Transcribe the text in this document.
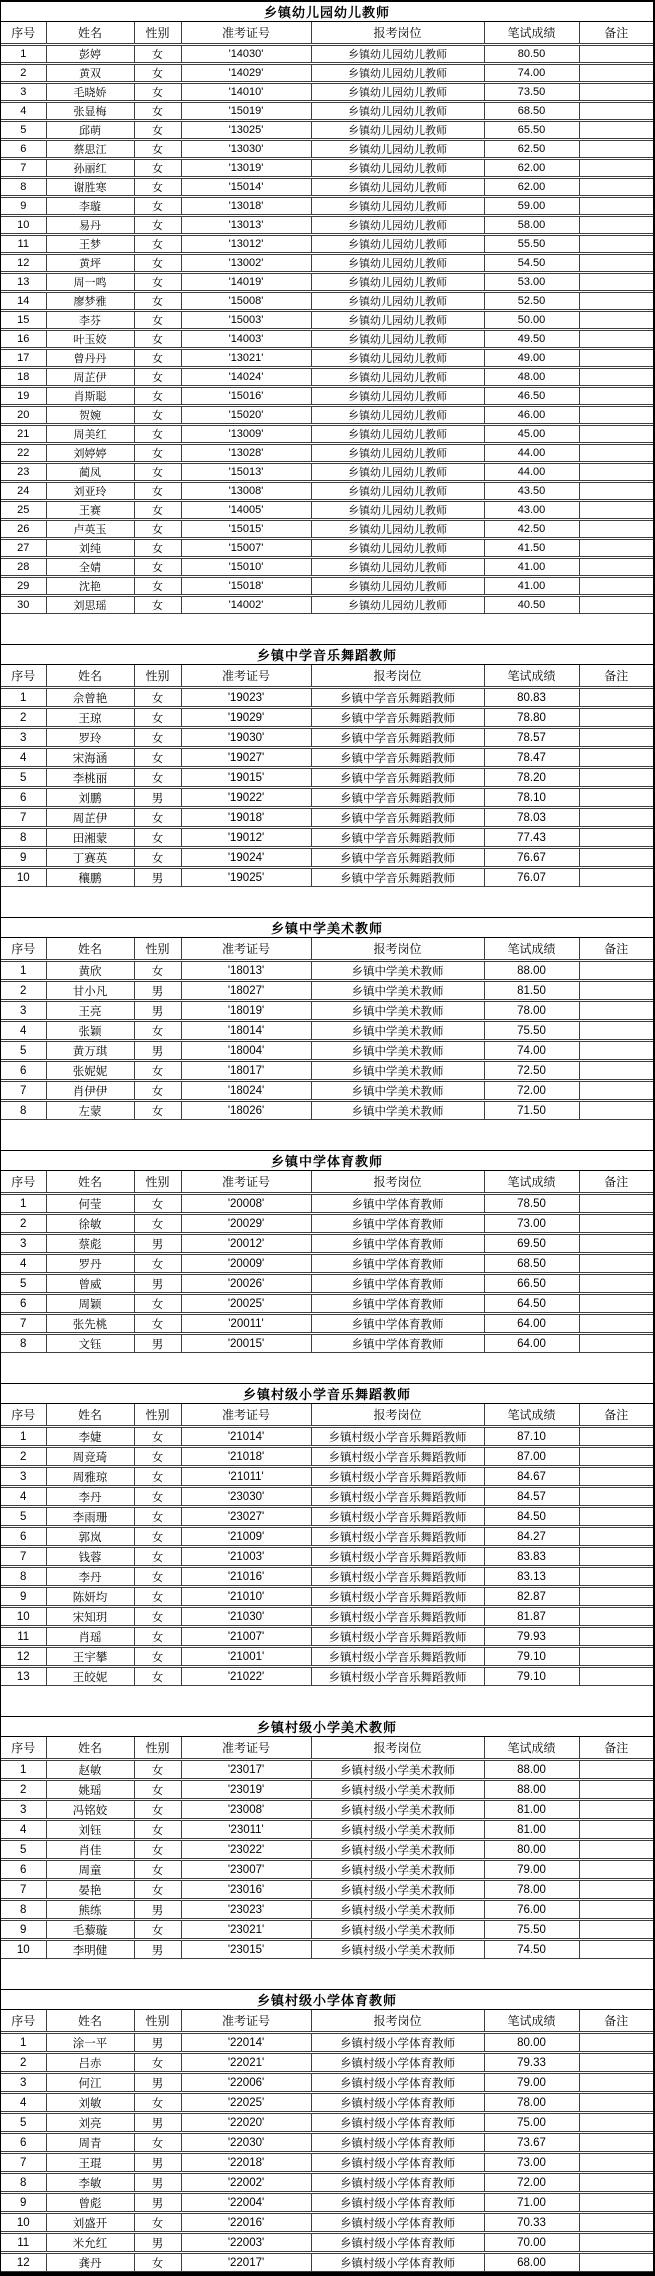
乡镇幼儿园幼儿教师						
序号	姓名	性别	准考证号	报考岗位	笔试成绩	备注
1	彭婷	女	'14030'	乡镇幼儿园幼儿教师	80.50	
2	黄双	女	'14029'	乡镇幼儿园幼儿教师	74.00	
3	毛晓娇	女	'14010'	乡镇幼儿园幼儿教师	73.50	
4	张显梅	女	'15019'	乡镇幼儿园幼儿教师	68.50	
5	邱萌	女	'13025'	乡镇幼儿园幼儿教师	65.50	
6	蔡思江	女	'13030'	乡镇幼儿园幼儿教师	62.50	
7	孙丽红	女	'13019'	乡镇幼儿园幼儿教师	62.00	
8	谢胜寒	女	'15014'	乡镇幼儿园幼儿教师	62.00	
9	李璇	女	'13018'	乡镇幼儿园幼儿教师	59.00	
10	易丹	女	'13013'	乡镇幼儿园幼儿教师	58.00	
11	王梦	女	'13012'	乡镇幼儿园幼儿教师	55.50	
12	黄坪	女	'13002'	乡镇幼儿园幼儿教师	54.50	
13	周一鸣	女	'14019'	乡镇幼儿园幼儿教师	53.00	
14	廖梦雅	女	'15008'	乡镇幼儿园幼儿教师	52.50	
15	李芬	女	'15003'	乡镇幼儿园幼儿教师	50.00	
16	叶玉姣	女	'14003'	乡镇幼儿园幼儿教师	49.50	
17	曾丹丹	女	'13021'	乡镇幼儿园幼儿教师	49.00	
18	周芷伊	女	'14024'	乡镇幼儿园幼儿教师	48.00	
19	肖斯聪	女	'15016'	乡镇幼儿园幼儿教师	46.50	
20	贺婉	女	'15020'	乡镇幼儿园幼儿教师	46.00	
21	周美红	女	'13009'	乡镇幼儿园幼儿教师	45.00	
22	刘婷婷	女	'13028'	乡镇幼儿园幼儿教师	44.00	
23	蔺凤	女	'15013'	乡镇幼儿园幼儿教师	44.00	
24	刘亚玲	女	'13008'	乡镇幼儿园幼儿教师	43.50	
25	王赛	女	'14005'	乡镇幼儿园幼儿教师	43.00	
26	卢英玉	女	'15015'	乡镇幼儿园幼儿教师	42.50	
27	刘纯	女	'15007'	乡镇幼儿园幼儿教师	41.50	
28	全婧	女	'15010'	乡镇幼儿园幼儿教师	41.00	
29	沈艳	女	'15018'	乡镇幼儿园幼儿教师	41.00	
30	刘思瑶	女	'14002'	乡镇幼儿园幼儿教师	40.50	
乡镇中学音乐舞蹈教师						
序号	姓名	性别	准考证号	报考岗位	笔试成绩	备注
1	佘曾艳	女	'19023'	乡镇中学音乐舞蹈教师	80.83	
2	王琼	女	'19029'	乡镇中学音乐舞蹈教师	78.80	
3	罗玲	女	'19030'	乡镇中学音乐舞蹈教师	78.57	
4	宋海涵	女	'19027'	乡镇中学音乐舞蹈教师	78.47	
5	李桃丽	女	'19015'	乡镇中学音乐舞蹈教师	78.20	
6	刘鹏	男	'19022'	乡镇中学音乐舞蹈教师	78.10	
7	周芷伊	女	'19018'	乡镇中学音乐舞蹈教师	78.03	
8	田湘蒙	女	'19012'	乡镇中学音乐舞蹈教师	77.43	
9	丁赛英	女	'19024'	乡镇中学音乐舞蹈教师	76.67	
10	穰鹏	男	'19025'	乡镇中学音乐舞蹈教师	76.07	
乡镇中学美术教师						
序号	姓名	性别	准考证号	报考岗位	笔试成绩	备注
1	黄欣	女	'18013'	乡镇中学美术教师	88.00	
2	甘小凡	男	'18027'	乡镇中学美术教师	81.50	
3	王亮	男	'18019'	乡镇中学美术教师	78.00	
4	张颖	女	'18014'	乡镇中学美术教师	75.50	
5	黄万琪	男	'18004'	乡镇中学美术教师	74.00	
6	张妮妮	女	'18017'	乡镇中学美术教师	72.50	
7	肖伊伊	女	'18024'	乡镇中学美术教师	72.00	
8	左蒙	女	'18026'	乡镇中学美术教师	71.50	
乡镇中学体育教师						
序号	姓名	性别	准考证号	报考岗位	笔试成绩	备注
1	何莹	女	'20008'	乡镇中学体育教师	78.50	
2	徐敏	女	'20029'	乡镇中学体育教师	73.00	
3	蔡彪	男	'20012'	乡镇中学体育教师	69.50	
4	罗丹	女	'20009'	乡镇中学体育教师	68.50	
5	曾威	男	'20026'	乡镇中学体育教师	66.50	
6	周颖	女	'20025'	乡镇中学体育教师	64.50	
7	张先桃	女	'20011'	乡镇中学体育教师	64.00	
8	文钰	男	'20015'	乡镇中学体育教师	64.00	
乡镇村级小学音乐舞蹈教师						
序号	姓名	性别	准考证号	报考岗位	笔试成绩	备注
1	李婕	女	'21014'	乡镇村级小学音乐舞蹈教师	87.10	
2	周竞琦	女	'21018'	乡镇村级小学音乐舞蹈教师	87.00	
3	周雅琼	女	'21011'	乡镇村级小学音乐舞蹈教师	84.67	
4	李丹	女	'23030'	乡镇村级小学音乐舞蹈教师	84.57	
5	李雨珊	女	'23027'	乡镇村级小学音乐舞蹈教师	84.50	
6	郭岚	女	'21009'	乡镇村级小学音乐舞蹈教师	84.27	
7	钱蓉	女	'21003'	乡镇村级小学音乐舞蹈教师	83.83	
8	李丹	女	'21016'	乡镇村级小学音乐舞蹈教师	83.13	
9	陈妍均	女	'21010'	乡镇村级小学音乐舞蹈教师	82.87	
10	宋知玥	女	'21030'	乡镇村级小学音乐舞蹈教师	81.87	
11	肖瑶	女	'21007'	乡镇村级小学音乐舞蹈教师	79.93	
12	王宇攀	女	'21001'	乡镇村级小学音乐舞蹈教师	79.10	
13	王皎妮	女	'21022'	乡镇村级小学音乐舞蹈教师	79.10	
乡镇村级小学美术教师						
序号	姓名	性别	准考证号	报考岗位	笔试成绩	备注
1	赵敏	女	'23017'	乡镇村级小学美术教师	88.00	
2	姚瑶	女	'23019'	乡镇村级小学美术教师	88.00	
3	冯铭姣	女	'23008'	乡镇村级小学美术教师	81.00	
4	刘钰	女	'23011'	乡镇村级小学美术教师	81.00	
5	肖佳	女	'23022'	乡镇村级小学美术教师	80.00	
6	周童	女	'23007'	乡镇村级小学美术教师	79.00	
7	晏艳	女	'23016'	乡镇村级小学美术教师	78.00	
8	熊练	男	'23023'	乡镇村级小学美术教师	76.00	
9	毛藜璇	女	'23021'	乡镇村级小学美术教师	75.50	
10	李明健	男	'23015'	乡镇村级小学美术教师	74.50	
乡镇村级小学体育教师						
序号	姓名	性别	准考证号	报考岗位	笔试成绩	备注
1	涂一平	男	'22014'	乡镇村级小学体育教师	80.00	
2	吕赤	女	'22021'	乡镇村级小学体育教师	79.33	
3	何江	男	'22006'	乡镇村级小学体育教师	79.00	
4	刘敏	女	'22025'	乡镇村级小学体育教师	78.00	
5	刘亮	男	'22020'	乡镇村级小学体育教师	75.00	
6	周青	女	'22030'	乡镇村级小学体育教师	73.67	
7	王琨	男	'22018'	乡镇村级小学体育教师	73.00	
8	李敏	男	'22002'	乡镇村级小学体育教师	72.00	
9	曾彪	男	'22004'	乡镇村级小学体育教师	71.00	
10	刘盛开	女	'22016'	乡镇村级小学体育教师	70.33	
11	米允红	男	'22003'	乡镇村级小学体育教师	70.00	
12	龚丹	女	'22017'	乡镇村级小学体育教师	68.00	
